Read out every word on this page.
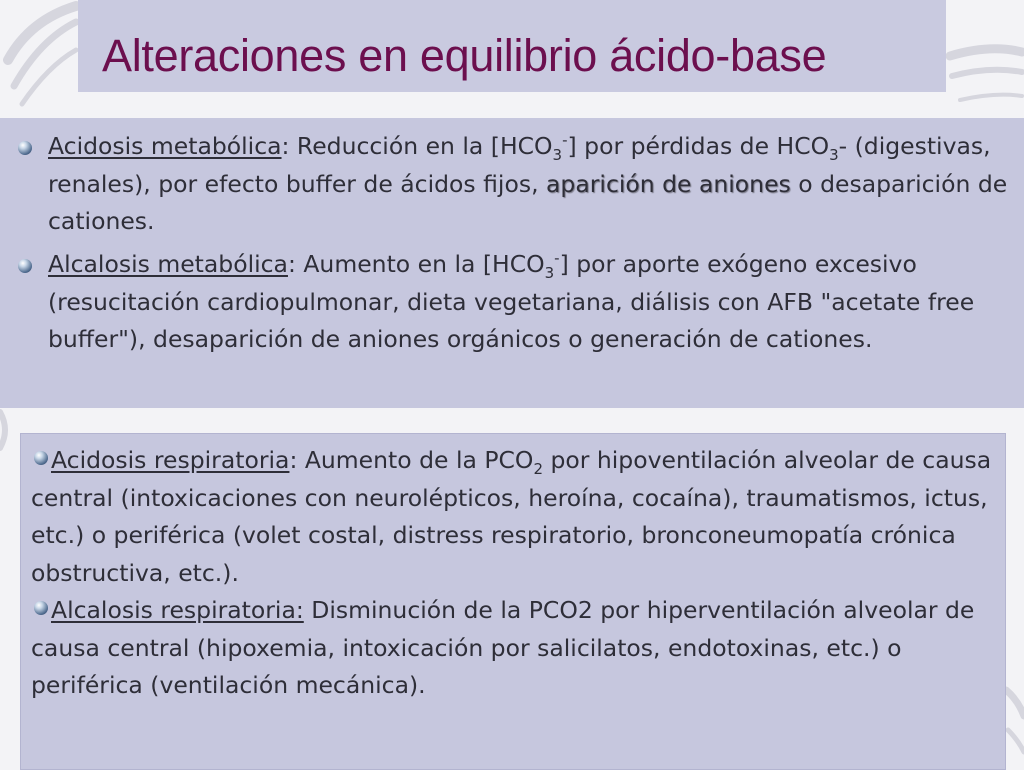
Alteraciones en equilibrio ácido-base
Acidosis metabólica: Reducción en la $[HCO_3^-]$ por pérdidas de $HCO_3-$ (digestivas, renales), por efecto buffer de ácidos fijos, aparición de aniones o desaparición de cationes.
Alcalosis metabólica: Aumento en la $[HCO_3^-]$ por aporte exógeno excesivo (resucitación cardiopulmonar, dieta vegetariana, diálisis con AFB "acetate free buffer"), desaparición de aniones orgánicos o generación de cationes.
Acidosis respiratoria: Aumento de la $PCO_2$ por hipoventilación alveolar de causa central (intoxicaciones con neurolépticos, heroína, cocaína), traumatismos, ictus, etc.) o periférica (volet costal, distress respiratorio, bronconeumopatía crónica obstructiva, etc.).
Alcalosis respiratoria: Disminución de la PCO2 por hiperventilación alveolar de causa central (hipoxemia, intoxicación por salicilatos, endotoxinas, etc.) o periférica (ventilación mecánica).
